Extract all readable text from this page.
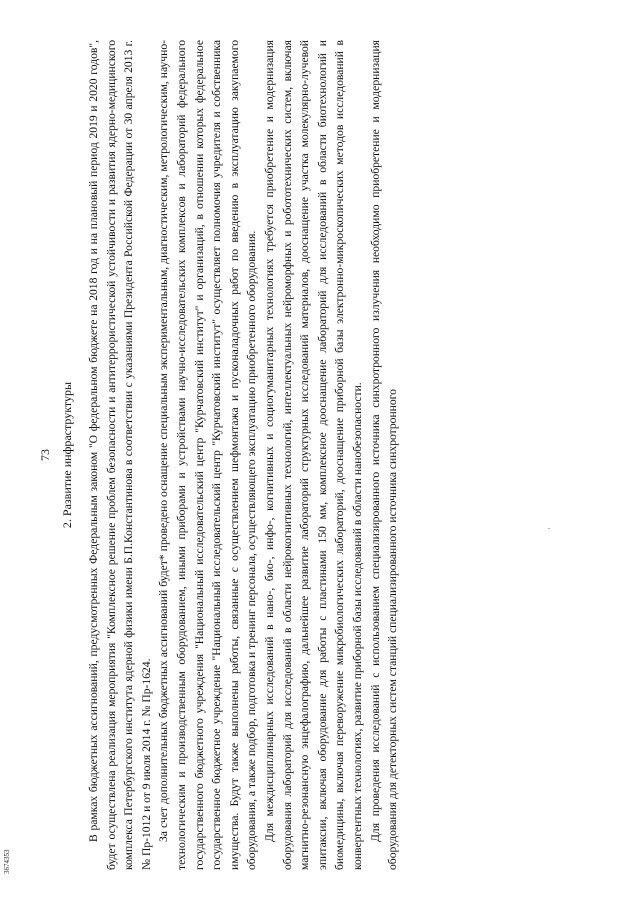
73 2. Развитие инфраструктуры В рамках бюджетных ассигнований, предусмотренных Федеральным законом "О федеральном бюджете на 2018 год и на плановый период 2019 и 2020 годов", будет осуществлена реализация мероприятия "Комплексное решение проблем безопасности и антитеррористической устойчивости и развития ядерно-медицинского комплекса Петербургского института ядерной физики имени Б.П.Константинова в соответствии с указаниями Президента Российской Федерации от 30 апреля 2013 г. № Пр-1012 и от 9 июля 2014 г. № Пр-1624. За счет дополнительных бюджетных ассигнований будет* проведено оснащение специальным экспериментальным, диагностическим, метрологическим, научно-технологическим и производственным оборудованием, иными приборами и устройствами научно-исследовательских комплексов и лабораторий федерального государственного бюджетного учреждения "Национальный исследовательский центр "Курчатовский институт" и организаций, в отношении которых федеральное государственное бюджетное учреждение "Национальный исследовательский центр "Курчатовский институт" осуществляет полномочия учредителя и собственника имущества. Будут также выполнены работы, связанные с осуществлением шефмонтажа и пусконаладочных работ по введению в эксплуатацию закупаемого оборудования, а также подбор, подготовка и тренинг персонала, осуществляющего эксплуатацию приобретенного оборудования. Для междисциплинарных исследований в нано-, био-, инфо-, когнитивных и социогуманитарных технологиях требуется приобретение и модернизация оборудования лабораторий для исследований в области нейрокогнитивных технологий, интеллектуальных нейроморфных и робототехнических систем, включая магнитно-резонансную энцефалографию, дальнейшее развитие лабораторий структурных исследований материалов, дооснащение участка молекулярно-лучевой эпитаксии, включая оборудование для работы с пластинами 150 мм, комплексное дооснащение лабораторий для исследований в области биотехнологий и биомедицины, включая переворужение микробиологических лабораторий, дооснащение приборной базы электронно-микроскопических методов исследований в конвергентных технологиях, развитие приборной базы исследований в области нанобезопасности. Для проведения исследований с использованием специализированного источника синхротронного излучения необходимо приобретение и модернизация оборудования для детекторных систем станций специализированного источника синхротронного

3674353
.
